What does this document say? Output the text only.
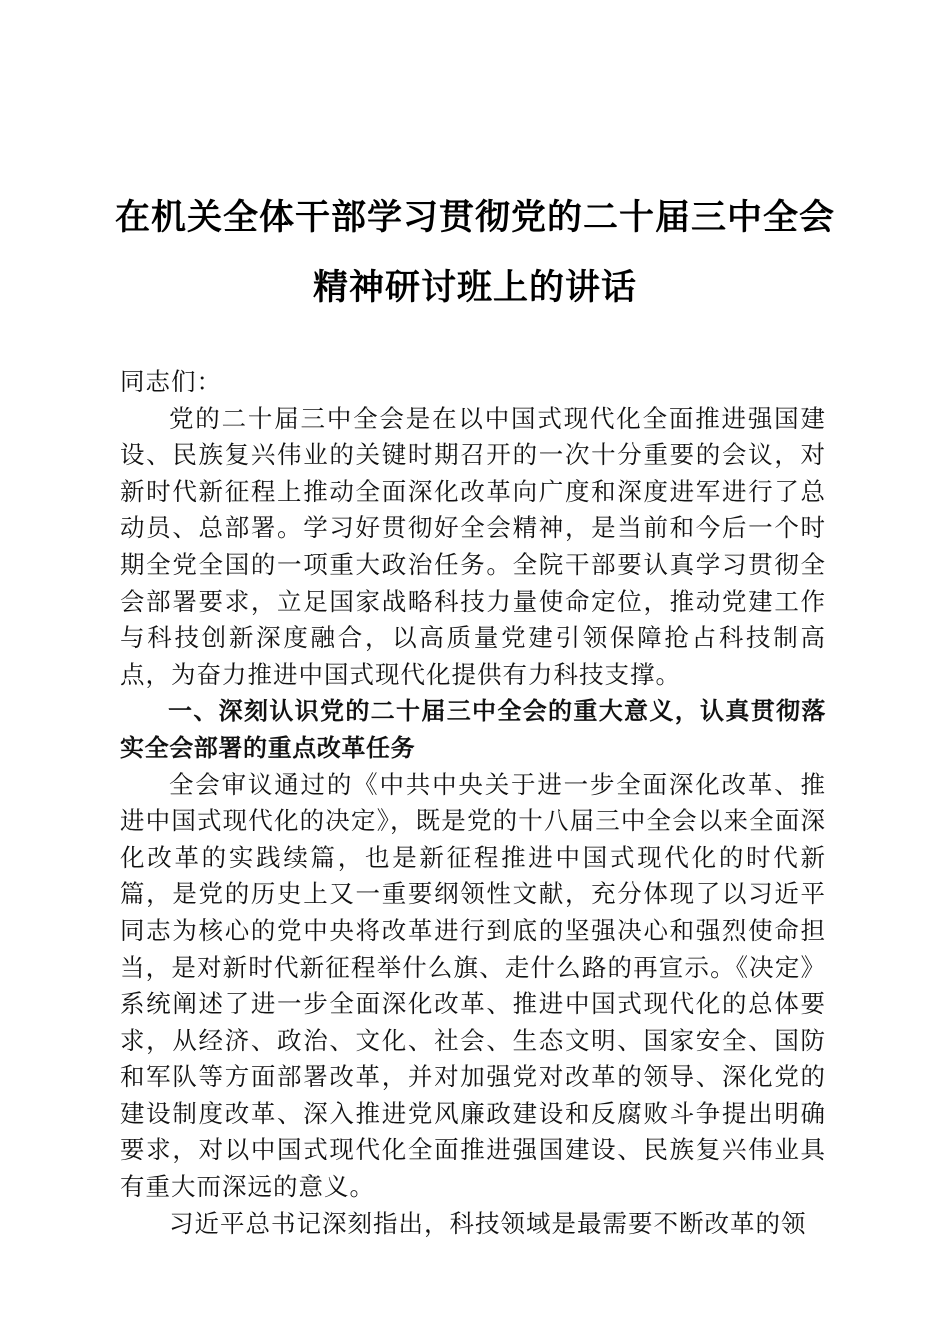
在机关全体干部学习贯彻党的二十届三中全会
精神研讨班上的讲话

同志们：

党的二十届三中全会是在以中国式现代化全面推进强国建设、民族复兴伟业的关键时期召开的一次十分重要的会议，对新时代新征程上推动全面深化改革向广度和深度进军进行了总动员、总部署。学习好贯彻好全会精神，是当前和今后一个时期全党全国的一项重大政治任务。全院干部要认真学习贯彻全会部署要求，立足国家战略科技力量使命定位，推动党建工作与科技创新深度融合，以高质量党建引领保障抢占科技制高点，为奋力推进中国式现代化提供有力科技支撑。

一、深刻认识党的二十届三中全会的重大意义，认真贯彻落实全会部署的重点改革任务

全会审议通过的《中共中央关于进一步全面深化改革、推进中国式现代化的决定》，既是党的十八届三中全会以来全面深化改革的实践续篇，也是新征程推进中国式现代化的时代新篇，是党的历史上又一重要纲领性文献，充分体现了以习近平同志为核心的党中央将改革进行到底的坚强决心和强烈使命担当，是对新时代新征程举什么旗、走什么路的再宣示。《决定》系统阐述了进一步全面深化改革、推进中国式现代化的总体要求，从经济、政治、文化、社会、生态文明、国家安全、国防和军队等方面部署改革，并对加强党对改革的领导、深化党的建设制度改革、深入推进党风廉政建设和反腐败斗争提出明确要求，对以中国式现代化全面推进强国建设、民族复兴伟业具有重大而深远的意义。

习近平总书记深刻指出，科技领域是最需要不断改革的领
